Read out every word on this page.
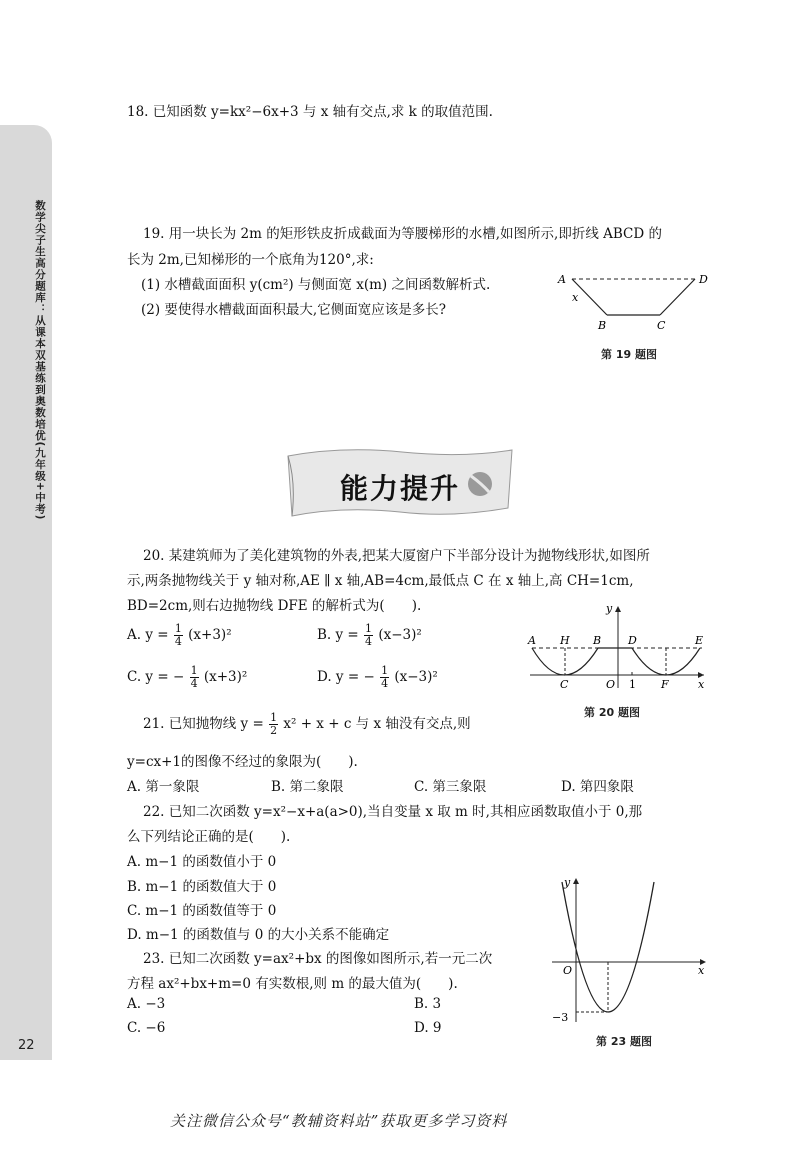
数学尖子生高分题库：从课本双基练到奥数培优(九年级+中考)
22
18. 已知函数 y=kx²−6x+3 与 x 轴有交点,求 k 的取值范围.
19. 用一块长为 2m 的矩形铁皮折成截面为等腰梯形的水槽,如图所示,即折线 ABCD 的
长为 2m,已知梯形的一个底角为120°,求:
(1) 水槽截面面积 y(cm²) 与侧面宽 x(m) 之间函数解析式.
(2) 要使得水槽截面面积最大,它侧面宽应该是多长?
A	D
x
B	C
第 19 题图
能力提升
20. 某建筑师为了美化建筑物的外表,把某大厦窗户下半部分设计为抛物线形状,如图所
示,两条抛物线关于 y 轴对称,AE ∥ x 轴,AB=4cm,最低点 C 在 x 轴上,高 CH=1cm,
BD=2cm,则右边抛物线 DFE 的解析式为(　　).
A. $y = \frac{1}{4} (x+3)^2$	B. $y = \frac{1}{4} (x-3)^2$
C. y = − $\frac{1}{4} (x+3)^2$	D. y = − $\frac{1}{4} (x-3)^2$
y
A H B D	E
C	O 1 F	x
第 20 题图
21. 已知抛物线 $y = \frac{1}{2} x^2 + x + c$ 与 x 轴没有交点,则
y=cx+1的图像不经过的象限为(　　).
A. 第一象限	B. 第二象限	C. 第三象限	D. 第四象限
22. 已知二次函数 y=x²−x+a(a>0),当自变量 x 取 m 时,其相应函数取值小于 0,那
么下列结论正确的是(　　).
A. m−1 的函数值小于 0
B. m−1 的函数值大于 0
C. m−1 的函数值等于 0
D. m−1 的函数值与 0 的大小关系不能确定
23. 已知二次函数 y=ax²+bx 的图像如图所示,若一元二次
方程 ax²+bx+m=0 有实数根,则 m 的最大值为(　　).
A. −3	B. 3
C. −6	D. 9
y
O	x
−3
第 23 题图
关注微信公众号“教辅资料站”获取更多学习资料
